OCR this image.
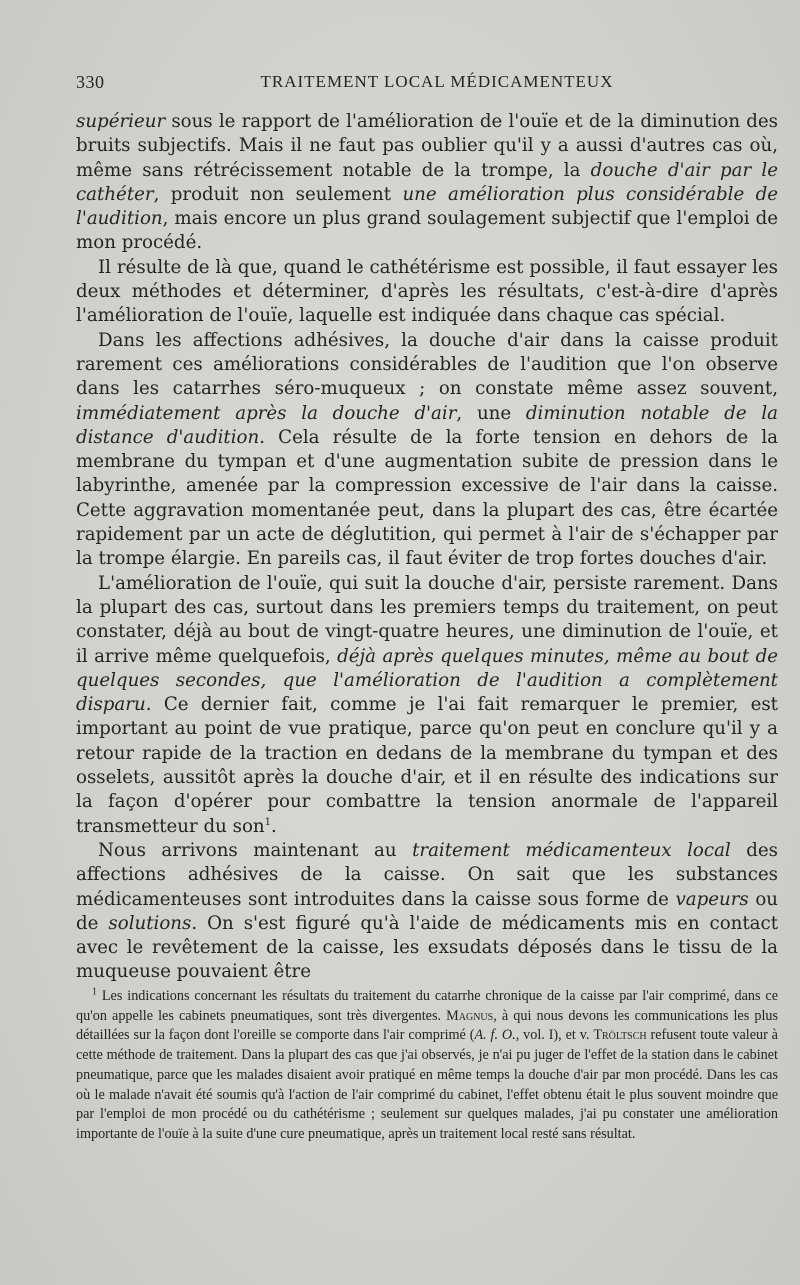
330	TRAITEMENT LOCAL MÉDICAMENTEUX

supérieur sous le rapport de l'amélioration de l'ouïe et de la diminution des bruits subjectifs. Mais il ne faut pas oublier qu'il y a aussi d'autres cas où, même sans rétrécissement notable de la trompe, la douche d'air par le cathéter, produit non seulement une amélioration plus considérable de l'audition, mais encore un plus grand soulagement subjectif que l'emploi de mon procédé.

Il résulte de là que, quand le cathétérisme est possible, il faut essayer les deux méthodes et déterminer, d'après les résultats, c'est-à-dire d'après l'amélioration de l'ouïe, laquelle est indiquée dans chaque cas spécial.

Dans les affections adhésives, la douche d'air dans la caisse produit rarement ces améliorations considérables de l'audition que l'on observe dans les catarrhes séro-muqueux ; on constate même assez souvent, immédiatement après la douche d'air, une diminution notable de la distance d'audition. Cela résulte de la forte tension en dehors de la membrane du tympan et d'une augmentation subite de pression dans le labyrinthe, amenée par la compression excessive de l'air dans la caisse. Cette aggravation momentanée peut, dans la plupart des cas, être écartée rapidement par un acte de déglutition, qui permet à l'air de s'échapper par la trompe élargie. En pareils cas, il faut éviter de trop fortes douches d'air.

L'amélioration de l'ouïe, qui suit la douche d'air, persiste rarement. Dans la plupart des cas, surtout dans les premiers temps du traitement, on peut constater, déjà au bout de vingt-quatre heures, une diminution de l'ouïe, et il arrive même quelquefois, déjà après quelques minutes, même au bout de quelques secondes, que l'amélioration de l'audition a complètement disparu. Ce dernier fait, comme je l'ai fait remarquer le premier, est important au point de vue pratique, parce qu'on peut en conclure qu'il y a retour rapide de la traction en dedans de la membrane du tympan et des osselets, aussitôt après la douche d'air, et il en résulte des indications sur la façon d'opérer pour combattre la tension anormale de l'appareil transmetteur du son$^1$.

Nous arrivons maintenant au traitement médicamenteux local des affections adhésives de la caisse. On sait que les substances médicamenteuses sont introduites dans la caisse sous forme de vapeurs ou de solutions. On s'est figuré qu'à l'aide de médicaments mis en contact avec le revêtement de la caisse, les exsudats déposés dans le tissu de la muqueuse pouvaient être

$^1$ Les indications concernant les résultats du traitement du catarrhe chronique de la caisse par l'air comprimé, dans ce qu'on appelle les cabinets pneumatiques, sont très divergentes. Magnus, à qui nous devons les communications les plus détaillées sur la façon dont l'oreille se comporte dans l'air comprimé (A. f. O., vol. I), et v. Tröltsch refusent toute valeur à cette méthode de traitement. Dans la plupart des cas que j'ai observés, je n'ai pu juger de l'effet de la station dans le cabinet pneumatique, parce que les malades disaient avoir pratiqué en même temps la douche d'air par mon procédé. Dans les cas où le malade n'avait été soumis qu'à l'action de l'air comprimé du cabinet, l'effet obtenu était le plus souvent moindre que par l'emploi de mon procédé ou du cathétérisme ; seulement sur quelques malades, j'ai pu constater une amélioration importante de l'ouïe à la suite d'une cure pneumatique, après un traitement local resté sans résultat.
